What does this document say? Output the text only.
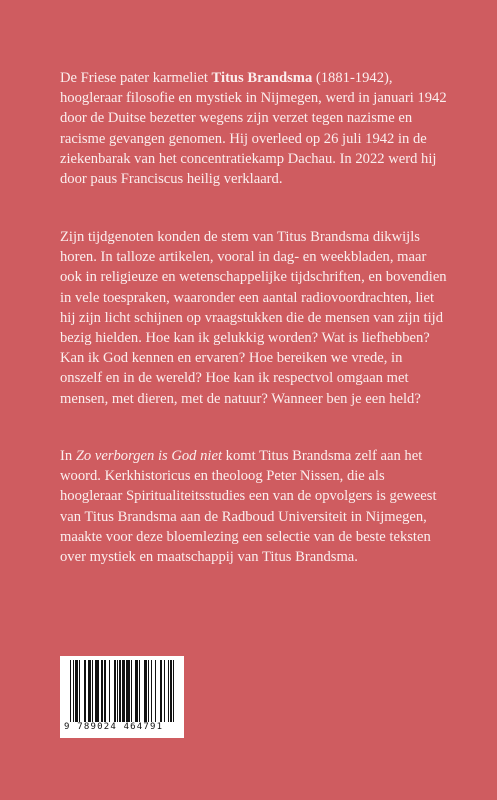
De Friese pater karmeliet Titus Brandsma (1881-1942), hoogleraar filosofie en mystiek in Nijmegen, werd in januari 1942 door de Duitse bezetter wegens zijn verzet tegen nazisme en racisme gevangen genomen. Hij overleed op 26 juli 1942 in de ziekenbarak van het concentratiekamp Dachau. In 2022 werd hij door paus Franciscus heilig verklaard.

Zijn tijdgenoten konden de stem van Titus Brandsma dikwijls horen. In talloze artikelen, vooral in dag- en weekbladen, maar ook in religieuze en wetenschappelijke tijdschriften, en bovendien in vele toespraken, waaronder een aantal radiovoordrachten, liet hij zijn licht schijnen op vraagstukken die de mensen van zijn tijd bezig hielden. Hoe kan ik gelukkig worden? Wat is liefhebben? Kan ik God kennen en ervaren? Hoe bereiken we vrede, in onszelf en in de wereld? Hoe kan ik respectvol omgaan met mensen, met dieren, met de natuur? Wanneer ben je een held?

In Zo verborgen is God niet komt Titus Brandsma zelf aan het woord. Kerkhistoricus en theoloog Peter Nissen, die als hoogleraar Spiritualiteitsstudies een van de opvolgers is geweest van Titus Brandsma aan de Radboud Universiteit in Nijmegen, maakte voor deze bloemlezing een selectie van de beste teksten over mystiek en maatschappij van Titus Brandsma.

9 789024 464791
